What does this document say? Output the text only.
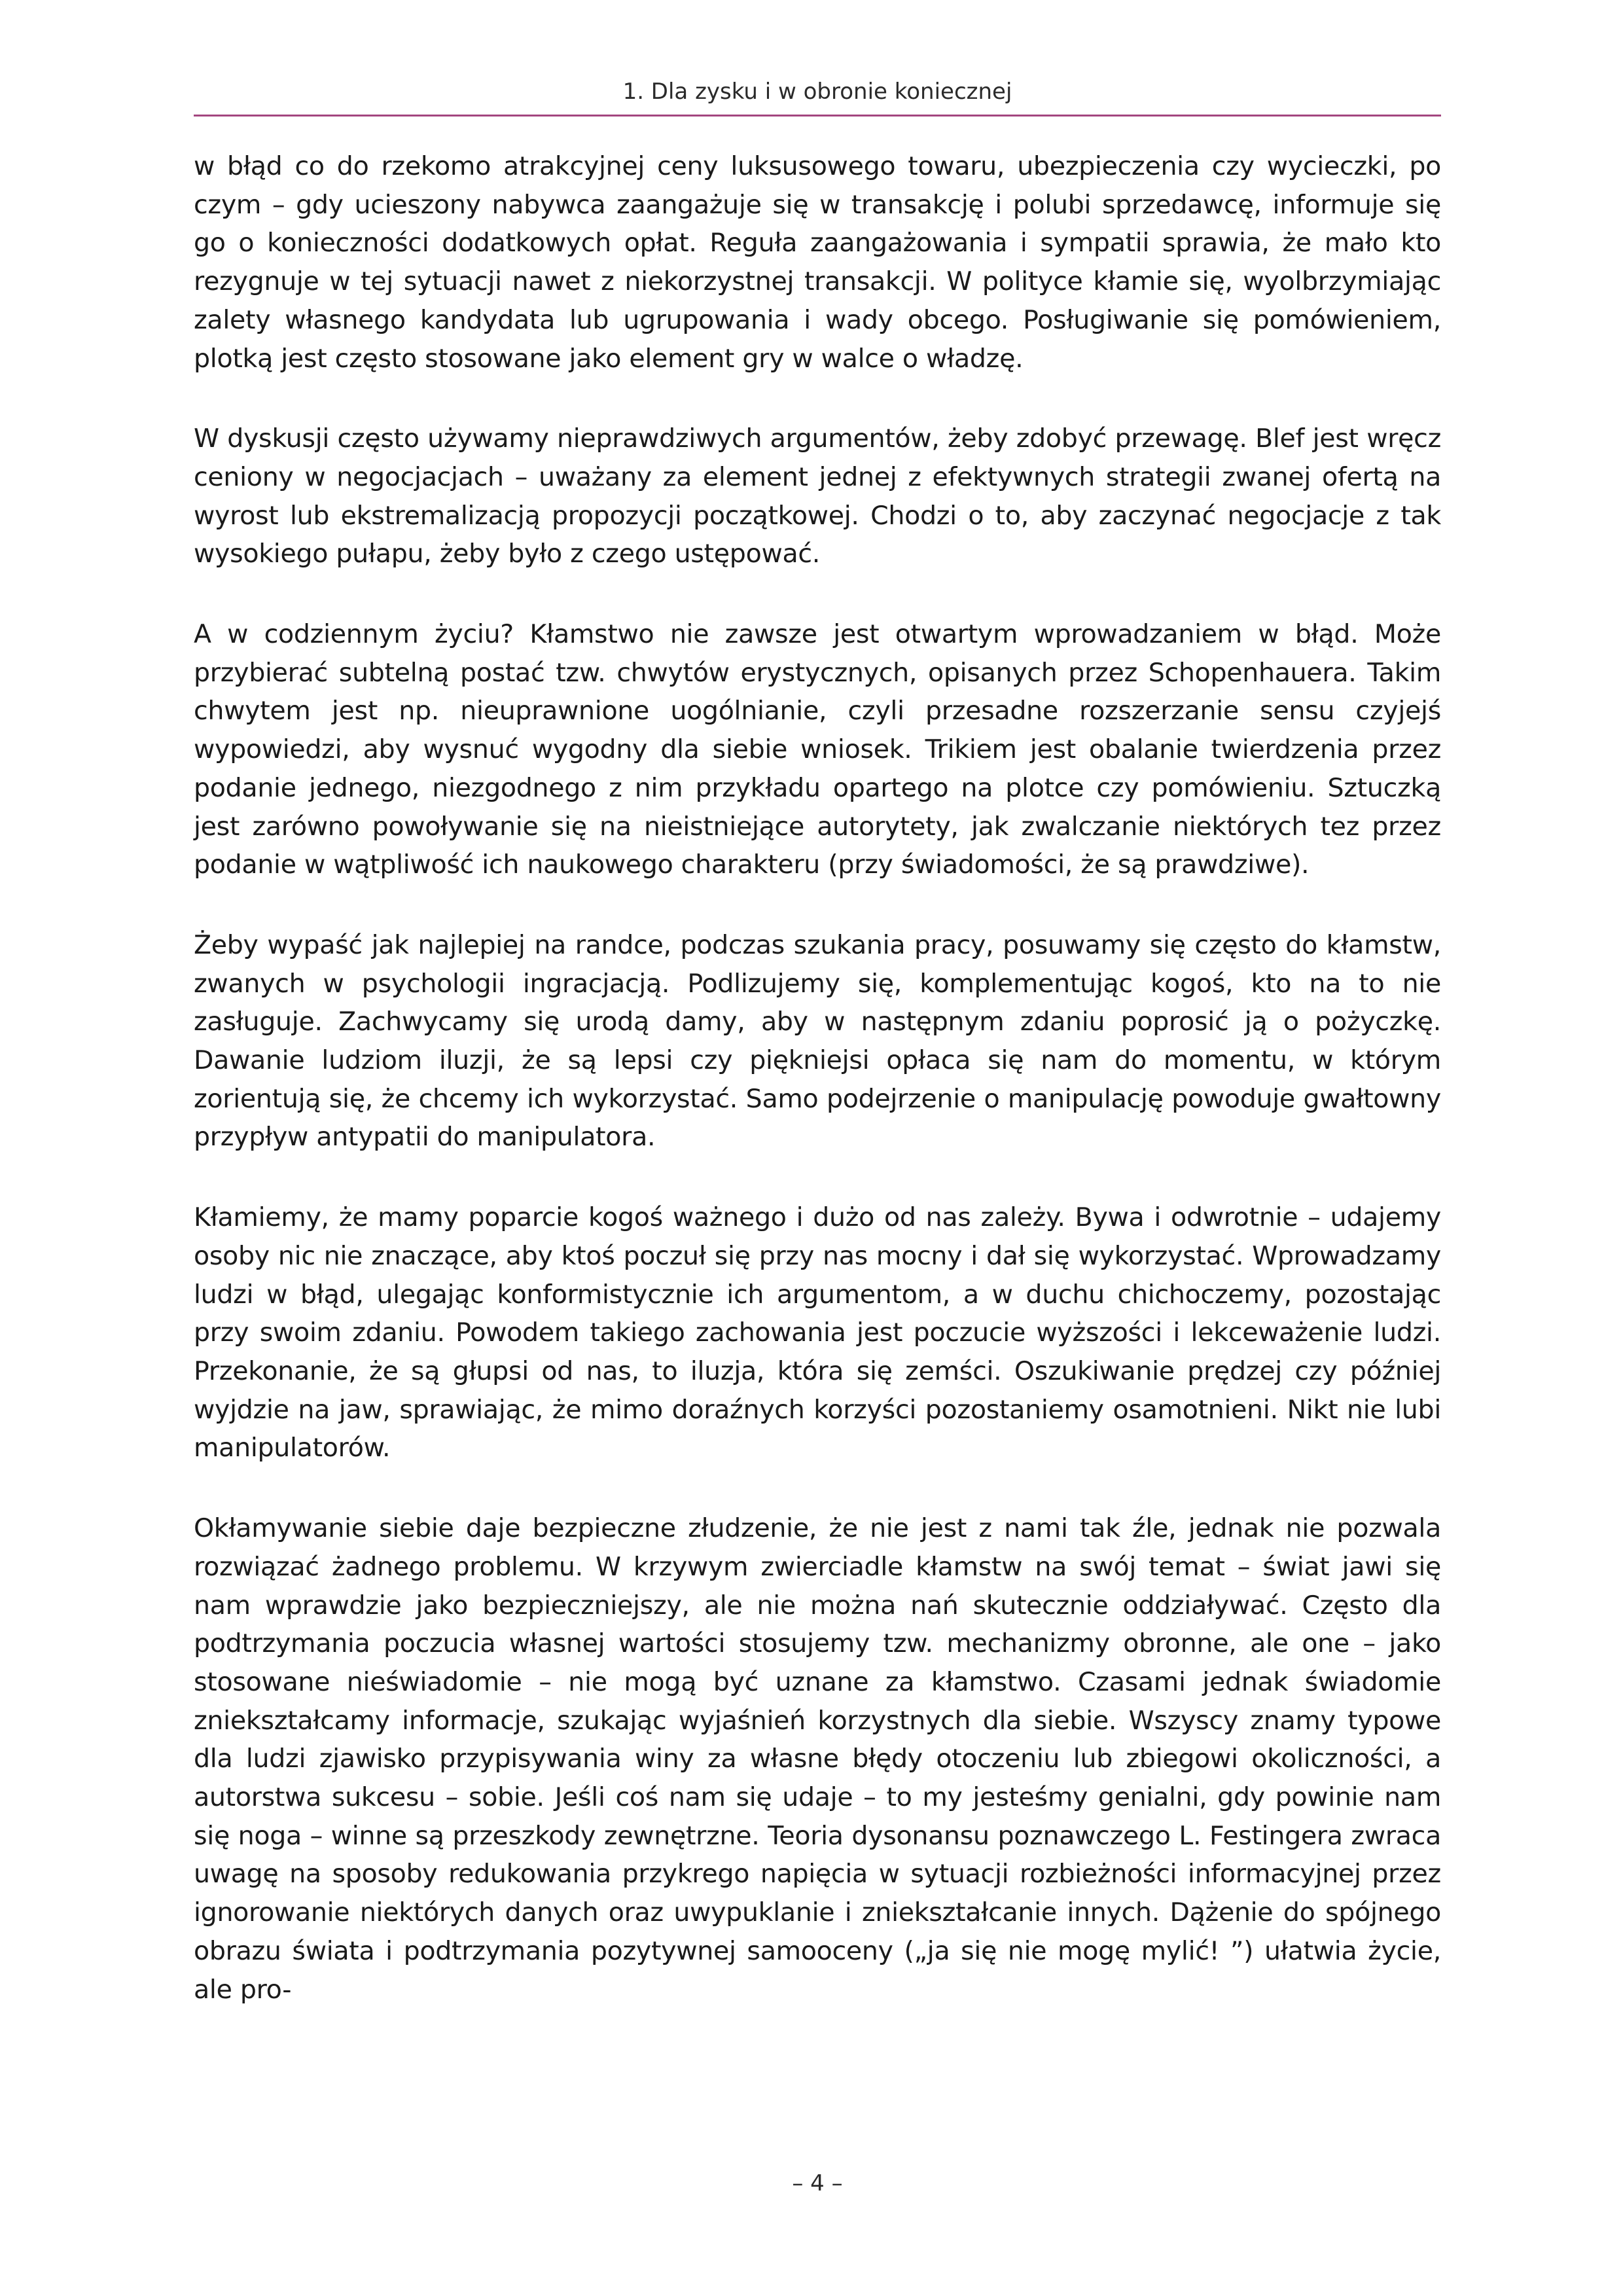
1. Dla zysku i w obronie koniecznej

w błąd co do rzekomo atrakcyjnej ceny luksusowego towaru, ubezpieczenia czy wycieczki, po czym – gdy ucieszony nabywca zaangażuje się w transakcję i polubi sprzedawcę, informuje się go o konieczności dodatkowych opłat. Reguła zaangażowania i sympatii sprawia, że mało kto rezygnuje w tej sytuacji nawet z niekorzystnej transakcji. W polityce kłamie się, wyolbrzymiając zalety własnego kandydata lub ugrupowania i wady obcego. Posługiwanie się pomówieniem, plotką jest często stosowane jako element gry w walce o władzę.

W dyskusji często używamy nieprawdziwych argumentów, żeby zdobyć przewagę. Blef jest wręcz ceniony w negocjacjach – uważany za element jednej z efektywnych strategii zwanej ofertą na wyrost lub ekstremalizacją propozycji początkowej. Chodzi o to, aby zaczynać negocjacje z tak wysokiego pułapu, żeby było z czego ustępować.

A w codziennym życiu? Kłamstwo nie zawsze jest otwartym wprowadzaniem w błąd. Może przybierać subtelną postać tzw. chwytów erystycznych, opisanych przez Schopenhauera. Takim chwytem jest np. nieuprawnione uogólnianie, czyli przesadne rozszerzanie sensu czyjejś wypowiedzi, aby wysnuć wygodny dla siebie wniosek. Trikiem jest obalanie twierdzenia przez podanie jednego, niezgodnego z nim przykładu opartego na plotce czy pomówieniu. Sztuczką jest zarówno powoływanie się na nieistniejące autorytety, jak zwalczanie niektórych tez przez podanie w wątpliwość ich naukowego charakteru (przy świadomości, że są prawdziwe).

Żeby wypaść jak najlepiej na randce, podczas szukania pracy, posuwamy się często do kłamstw, zwanych w psychologii ingracjacją. Podlizujemy się, komplementując kogoś, kto na to nie zasługuje. Zachwycamy się urodą damy, aby w następnym zdaniu poprosić ją o pożyczkę. Dawanie ludziom iluzji, że są lepsi czy piękniejsi opłaca się nam do momentu, w którym zorientują się, że chcemy ich wykorzystać. Samo podejrzenie o manipulację powoduje gwałtowny przypływ antypatii do manipulatora.

Kłamiemy, że mamy poparcie kogoś ważnego i dużo od nas zależy. Bywa i odwrotnie – udajemy osoby nic nie znaczące, aby ktoś poczuł się przy nas mocny i dał się wykorzystać. Wprowadzamy ludzi w błąd, ulegając konformistycznie ich argumentom, a w duchu chichoczemy, pozostając przy swoim zdaniu. Powodem takiego zachowania jest poczucie wyższości i lekceważenie ludzi. Przekonanie, że są głupsi od nas, to iluzja, która się zemści. Oszukiwanie prędzej czy później wyjdzie na jaw, sprawiając, że mimo doraźnych korzyści pozostaniemy osamotnieni. Nikt nie lubi manipulatorów.

Okłamywanie siebie daje bezpieczne złudzenie, że nie jest z nami tak źle, jednak nie pozwala rozwiązać żadnego problemu. W krzywym zwierciadle kłamstw na swój temat – świat jawi się nam wprawdzie jako bezpieczniejszy, ale nie można nań skutecznie oddziaływać. Często dla podtrzymania poczucia własnej wartości stosujemy tzw. mechanizmy obronne, ale one – jako stosowane nieświadomie – nie mogą być uznane za kłamstwo. Czasami jednak świadomie zniekształcamy informacje, szukając wyjaśnień korzystnych dla siebie. Wszyscy znamy typowe dla ludzi zjawisko przypisywania winy za własne błędy otoczeniu lub zbiegowi okoliczności, a autorstwa sukcesu – sobie. Jeśli coś nam się udaje – to my jesteśmy genialni, gdy powinie nam się noga – winne są przeszkody zewnętrzne. Teoria dysonansu poznawczego L. Festingera zwraca uwagę na sposoby redukowania przykrego napięcia w sytuacji rozbieżności informacyjnej przez ignorowanie niektórych danych oraz uwypuklanie i zniekształcanie innych. Dążenie do spójnego obrazu świata i podtrzymania pozytywnej samooceny („ja się nie mogę mylić! ”) ułatwia życie, ale pro-

– 4 –
